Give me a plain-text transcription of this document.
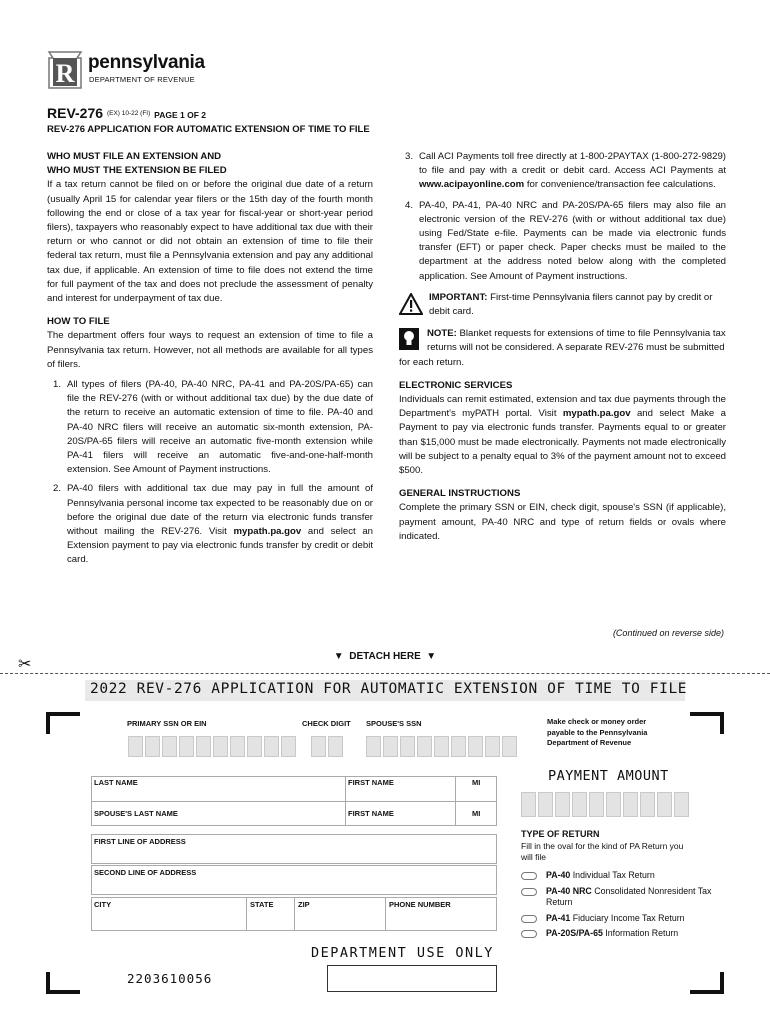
R pennsylvania
DEPARTMENT OF REVENUE
REV-276 $^{(EX) 10-22 (FI)}$ PAGE 1 OF 2
REV-276 APPLICATION FOR AUTOMATIC EXTENSION OF TIME TO FILE
WHO MUST FILE AN EXTENSION AND
WHO MUST THE EXTENSION BE FILED

If a tax return cannot be filed on or before the original due date of a return (usually April 15 for calendar year filers or the 15th day of the fourth month following the end or close of a tax year for fiscal-year or short-year period filers), taxpayers who reasonably expect to have additional tax due with their return or who cannot or did not obtain an extension of time to file their federal tax return, must file a Pennsylvania extension and pay any additional tax due, if applicable. An extension of time to file does not extend the time for full payment of the tax and does not preclude the assessment of penalty and interest for underpayment of tax due.

HOW TO FILE

The department offers four ways to request an extension of time to file a Pennsylvania tax return. However, not all methods are available for all types of filers.

1. All types of filers (PA-40, PA-40 NRC, PA-41 and PA-20S/PA-65) can file the REV-276 (with or without additional tax due) by the due date of the return to receive an automatic extension of time to file. PA-40 and PA-40 NRC filers will receive an automatic six-month extension, PA-20S/PA-65 filers will receive an automatic five-month extension while PA-41 filers will receive an automatic five-and-one-half-month extension. See Amount of Payment instructions.
2. PA-40 filers with additional tax due may pay in full the amount of Pennsylvania personal income tax expected to be reasonably due on or before the original due date of the return via electronic funds transfer without mailing the REV-276. Visit mypath.pa.gov and select an Extension payment to pay via electronic funds transfer by credit or debit card.
3. Call ACI Payments toll free directly at 1-800-2PAYTAX (1-800-272-9829) to file and pay with a credit or debit card. Access ACI Payments at www.acipayonline.com for convenience/transaction fee calculations.
4. PA-40, PA-41, PA-40 NRC and PA-20S/PA-65 filers may also file an electronic version of the REV-276 (with or without additional tax due) using Fed/State e-file. Payments can be made via electronic funds transfer (EFT) or paper check. Paper checks must be mailed to the department at the address noted below along with the completed application. See Amount of Payment instructions.
IMPORTANT: First-time Pennsylvania filers cannot pay by credit or debit card.
NOTE: Blanket requests for extensions of time to file Pennsylvania tax returns will not be considered. A separate REV-276 must be submitted for each return.
ELECTRONIC SERVICES

Individuals can remit estimated, extension and tax due payments through the Department's myPATH portal. Visit mypath.pa.gov and select Make a Payment to pay via electronic funds transfer. Payments equal to or greater than $15,000 must be made electronically. Payments not made electronically will be subject to a penalty equal to 3% of the payment amount not to exceed $500.

GENERAL INSTRUCTIONS

Complete the primary SSN or EIN, check digit, spouse's SSN (if applicable), payment amount, PA-40 NRC and type of return fields or ovals where indicated.

(Continued on reverse side)
✂	▼ DETACH HERE ▼
2022 REV-276 APPLICATION FOR AUTOMATIC EXTENSION OF TIME TO FILE
PRIMARY SSN OR EIN	CHECK DIGIT SPOUSE'S SSN	Make check or money order payable to the Pennsylvania Department of Revenue
LAST NAME	FIRST NAME	MI
SPOUSE'S LAST NAME	FIRST NAME	MI
FIRST LINE OF ADDRESS
SECOND LINE OF ADDRESS
CITY	STATE	ZIP	PHONE NUMBER
PAYMENT AMOUNT
TYPE OF RETURN
Fill in the oval for the kind of PA Return you will file
PA-40 Individual Tax Return
PA-40 NRC Consolidated Nonresident Tax Return
PA-41 Fiduciary Income Tax Return
PA-20S/PA-65 Information Return
DEPARTMENT USE ONLY
2203610056
